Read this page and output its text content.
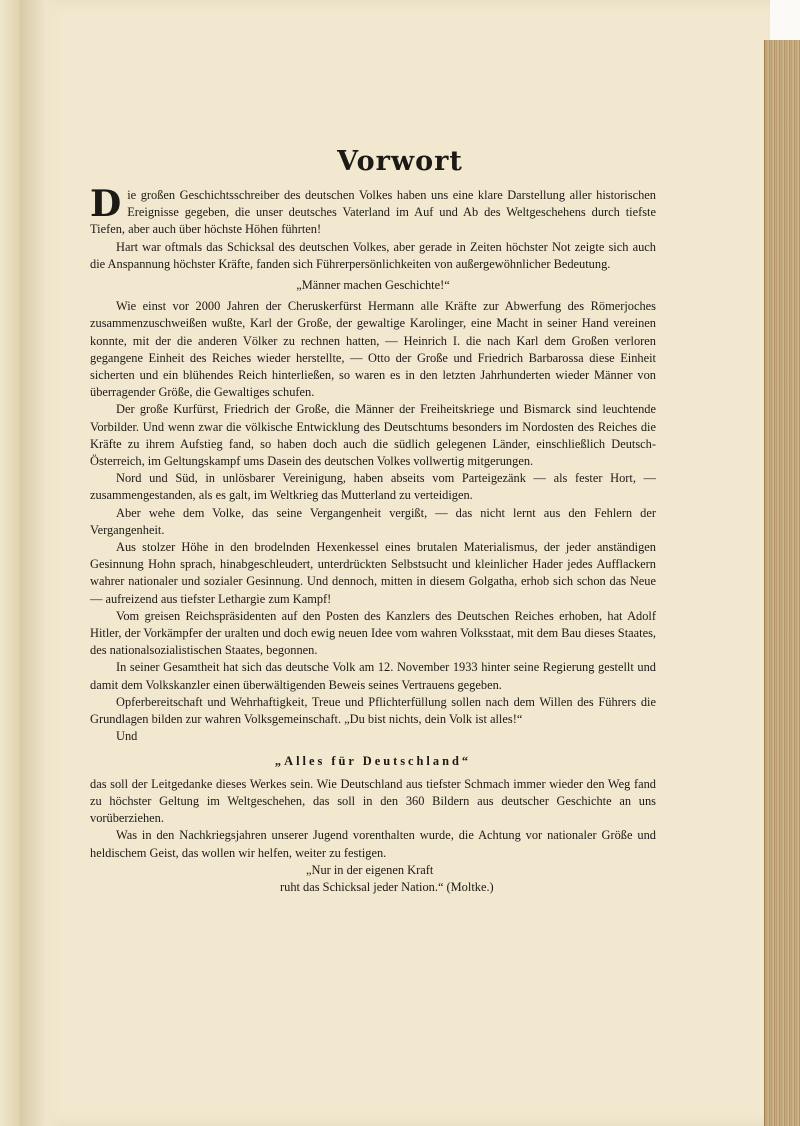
Vorwort

Die großen Geschichtsschreiber des deutschen Volkes haben uns eine klare Darstellung aller historischen Ereignisse gegeben, die unser deutsches Vaterland im Auf und Ab des Weltgeschehens durch tiefste Tiefen, aber auch über höchste Höhen führten!

Hart war oftmals das Schicksal des deutschen Volkes, aber gerade in Zeiten höchster Not zeigte sich auch die Anspannung höchster Kräfte, fanden sich Führerpersönlichkeiten von außergewöhnlicher Bedeutung.

„Männer machen Geschichte!“

Wie einst vor 2000 Jahren der Cheruskerfürst Hermann alle Kräfte zur Abwerfung des Römerjoches zusammenzuschweißen wußte, Karl der Große, der gewaltige Karolinger, eine Macht in seiner Hand vereinen konnte, mit der die anderen Völker zu rechnen hatten, — Heinrich I. die nach Karl dem Großen verloren gegangene Einheit des Reiches wieder herstellte, — Otto der Große und Friedrich Barbarossa diese Einheit sicherten und ein blühendes Reich hinterließen, so waren es in den letzten Jahrhunderten wieder Männer von überragender Größe, die Gewaltiges schufen.

Der große Kurfürst, Friedrich der Große, die Männer der Freiheitskriege und Bismarck sind leuchtende Vorbilder. Und wenn zwar die völkische Entwicklung des Deutschtums besonders im Nordosten des Reiches die Kräfte zu ihrem Aufstieg fand, so haben doch auch die südlich gelegenen Länder, einschließlich Deutsch-Österreich, im Geltungskampf ums Dasein des deutschen Volkes vollwertig mitgerungen.

Nord und Süd, in unlösbarer Vereinigung, haben abseits vom Parteigezänk — als fester Hort, — zusammengestanden, als es galt, im Weltkrieg das Mutterland zu verteidigen.

Aber wehe dem Volke, das seine Vergangenheit vergißt, — das nicht lernt aus den Fehlern der Vergangenheit.

Aus stolzer Höhe in den brodelnden Hexenkessel eines brutalen Materialismus, der jeder anständigen Gesinnung Hohn sprach, hinabgeschleudert, unterdrückten Selbstsucht und kleinlicher Hader jedes Aufflackern wahrer nationaler und sozialer Gesinnung. Und dennoch, mitten in diesem Golgatha, erhob sich schon das Neue — aufreizend aus tiefster Lethargie zum Kampf!

Vom greisen Reichspräsidenten auf den Posten des Kanzlers des Deutschen Reiches erhoben, hat Adolf Hitler, der Vorkämpfer der uralten und doch ewig neuen Idee vom wahren Volksstaat, mit dem Bau dieses Staates, des nationalsozialistischen Staates, begonnen.

In seiner Gesamtheit hat sich das deutsche Volk am 12. November 1933 hinter seine Regierung gestellt und damit dem Volkskanzler einen überwältigenden Beweis seines Vertrauens gegeben.

Opferbereitschaft und Wehrhaftigkeit, Treue und Pflichterfüllung sollen nach dem Willen des Führers die Grundlagen bilden zur wahren Volksgemeinschaft. „Du bist nichts, dein Volk ist alles!“

Und

„Alles für Deutschland“

das soll der Leitgedanke dieses Werkes sein. Wie Deutschland aus tiefster Schmach immer wieder den Weg fand zu höchster Geltung im Weltgeschehen, das soll in den 360 Bildern aus deutscher Geschichte an uns vorüberziehen.

Was in den Nachkriegsjahren unserer Jugend vorenthalten wurde, die Achtung vor nationaler Größe und heldischem Geist, das wollen wir helfen, weiter zu festigen.

„Nur in der eigenen Kraft
ruht das Schicksal jeder Nation.“ (Moltke.)
